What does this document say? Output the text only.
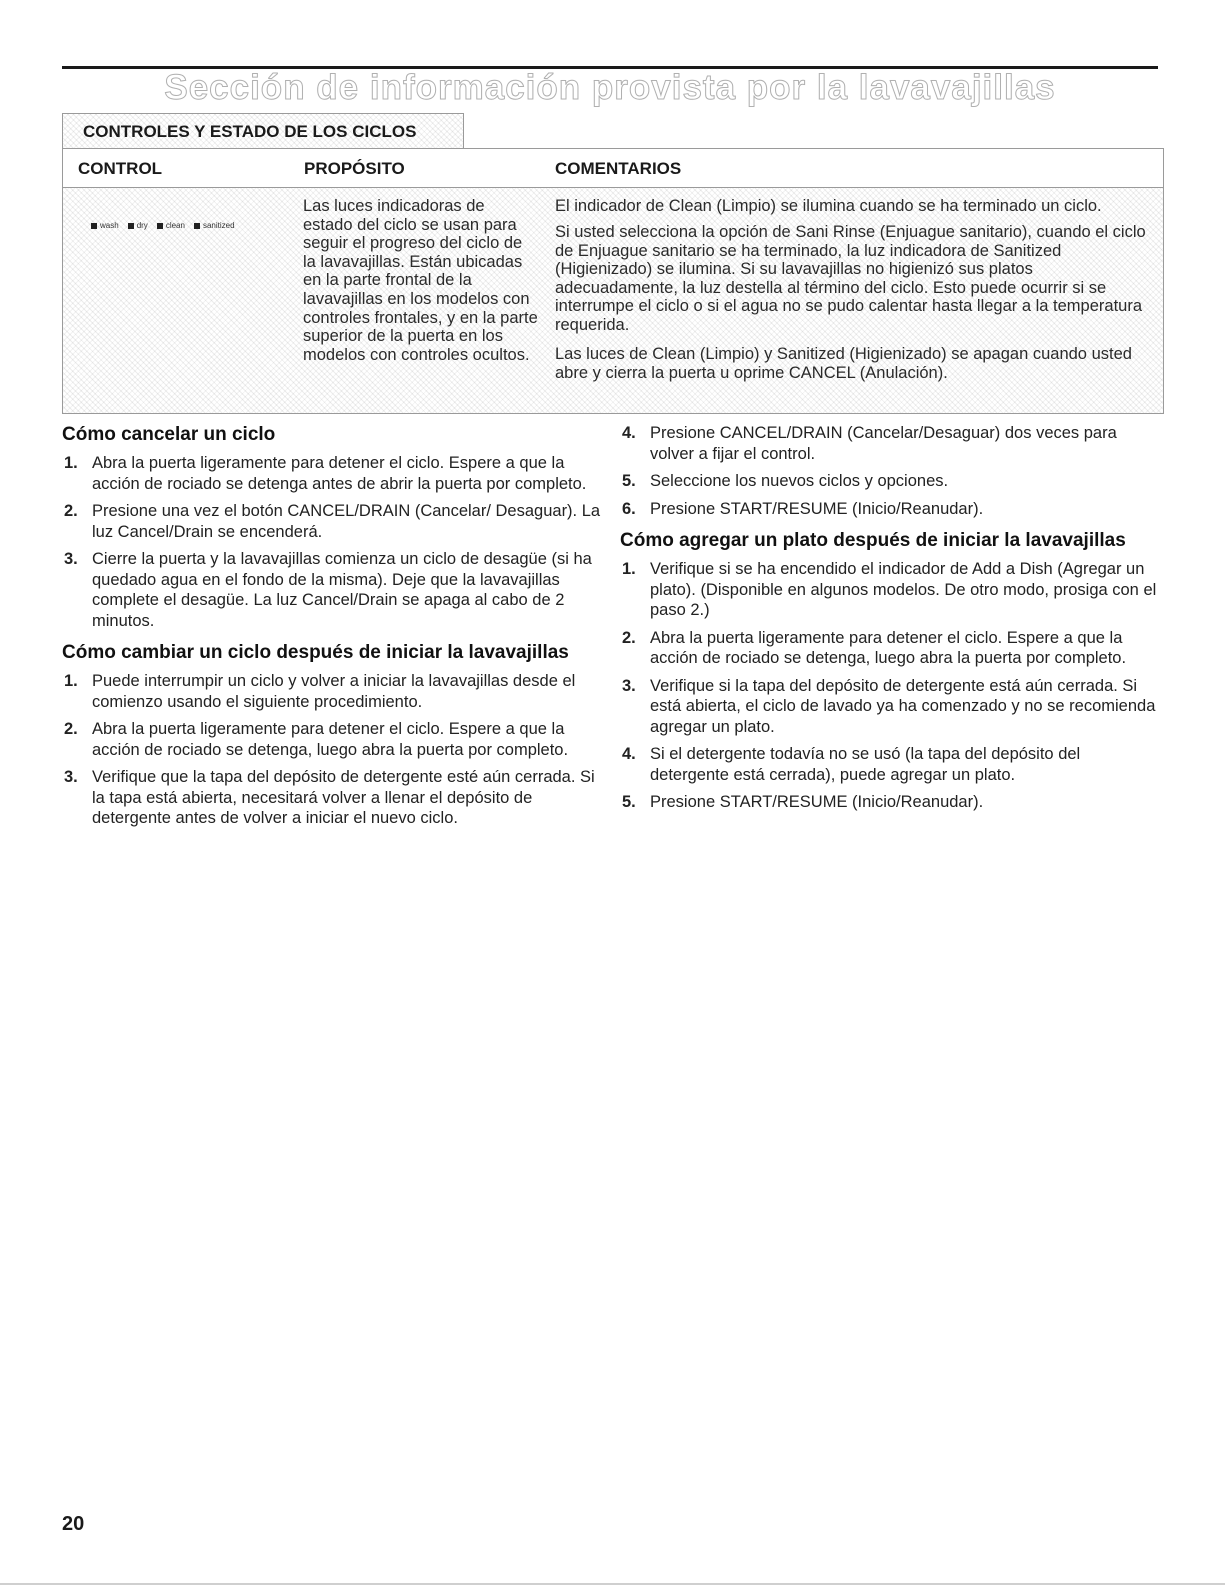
Sección de información provista por la lavavajillas
CONTROLES Y ESTADO DE LOS CICLOS
CONTROL	PROPÓSITO	COMENTARIOS
wash dry clean sanitized
Las luces indicadoras de estado del ciclo se usan para seguir el progreso del ciclo de la lavavajillas. Están ubicadas en la parte frontal de la lavavajillas en los modelos con controles frontales, y en la parte superior de la puerta en los modelos con controles ocultos.
El indicador de Clean (Limpio) se ilumina cuando se ha terminado un ciclo.
Si usted selecciona la opción de Sani Rinse (Enjuague sanitario), cuando el ciclo de Enjuague sanitario se ha terminado, la luz indicadora de Sanitized (Higienizado) se ilumina. Si su lavavajillas no higienizó sus platos adecuadamente, la luz destella al término del ciclo. Esto puede ocurrir si se interrumpe el ciclo o si el agua no se pudo calentar hasta llegar a la temperatura requerida.
Las luces de Clean (Limpio) y Sanitized (Higienizado) se apagan cuando usted abre y cierra la puerta u oprime CANCEL (Anulación).
Cómo cancelar un ciclo
1. Abra la puerta ligeramente para detener el ciclo. Espere a que la acción de rociado se detenga antes de abrir la puerta por completo.
2. Presione una vez el botón CANCEL/DRAIN (Cancelar/ Desaguar). La luz Cancel/Drain se encenderá.
3. Cierre la puerta y la lavavajillas comienza un ciclo de desagüe (si ha quedado agua en el fondo de la misma). Deje que la lavavajillas complete el desagüe. La luz Cancel/Drain se apaga al cabo de 2 minutos.
Cómo cambiar un ciclo después de iniciar la lavavajillas
1. Puede interrumpir un ciclo y volver a iniciar la lavavajillas desde el comienzo usando el siguiente procedimiento.
2. Abra la puerta ligeramente para detener el ciclo. Espere a que la acción de rociado se detenga, luego abra la puerta por completo.
3. Verifique que la tapa del depósito de detergente esté aún cerrada. Si la tapa está abierta, necesitará volver a llenar el depósito de detergente antes de volver a iniciar el nuevo ciclo.
4. Presione CANCEL/DRAIN (Cancelar/Desaguar) dos veces para volver a fijar el control.
5. Seleccione los nuevos ciclos y opciones.
6. Presione START/RESUME (Inicio/Reanudar).
Cómo agregar un plato después de iniciar la lavavajillas
1. Verifique si se ha encendido el indicador de Add a Dish (Agregar un plato). (Disponible en algunos modelos. De otro modo, prosiga con el paso 2.)
2. Abra la puerta ligeramente para detener el ciclo. Espere a que la acción de rociado se detenga, luego abra la puerta por completo.
3. Verifique si la tapa del depósito de detergente está aún cerrada. Si está abierta, el ciclo de lavado ya ha comenzado y no se recomienda agregar un plato.
4. Si el detergente todavía no se usó (la tapa del depósito del detergente está cerrada), puede agregar un plato.
5. Presione START/RESUME (Inicio/Reanudar).
20
